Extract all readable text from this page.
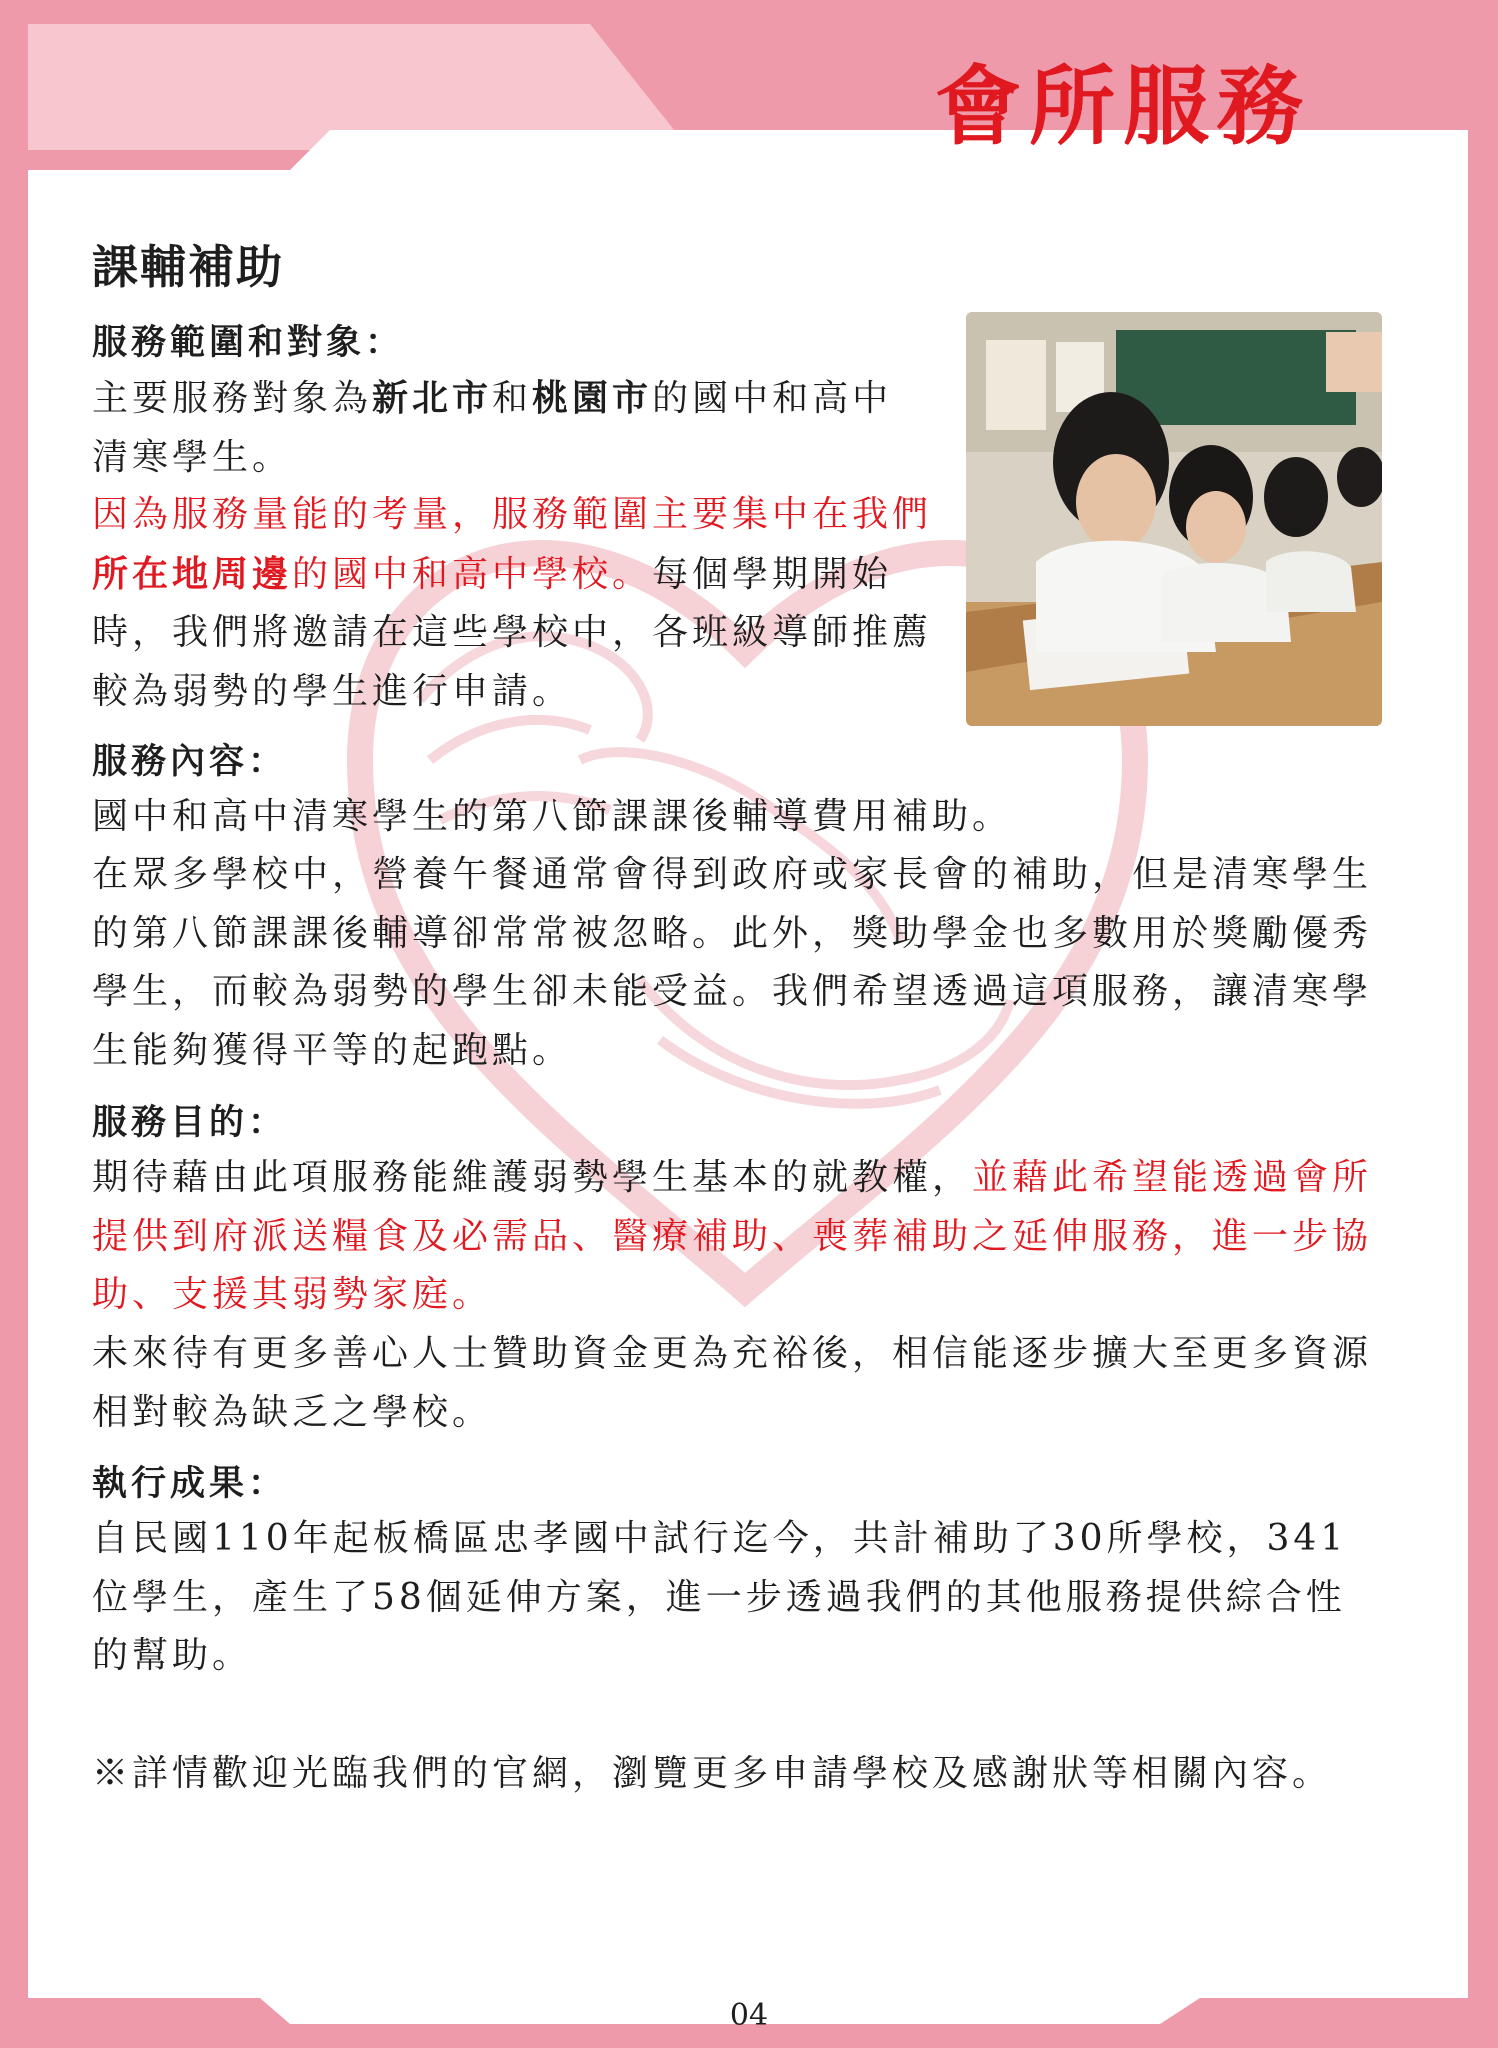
會所服務
課輔補助
服務範圍和對象：

主要服務對象為新北市和桃園市的國中和高中清寒學生。

因為服務量能的考量，服務範圍主要集中在我們所在地周邊的國中和高中學校。每個學期開始時，我們將邀請在這些學校中，各班級導師推薦較為弱勢的學生進行申請。

服務內容：

國中和高中清寒學生的第八節課課後輔導費用補助。

在眾多學校中，營養午餐通常會得到政府或家長會的補助，但是清寒學生的第八節課課後輔導卻常常被忽略。此外，獎助學金也多數用於獎勵優秀學生，而較為弱勢的學生卻未能受益。我們希望透過這項服務，讓清寒學生能夠獲得平等的起跑點。

服務目的：

期待藉由此項服務能維護弱勢學生基本的就教權，並藉此希望能透過會所提供到府派送糧食及必需品、醫療補助、喪葬補助之延伸服務，進一步協助、支援其弱勢家庭。

未來待有更多善心人士贊助資金更為充裕後，相信能逐步擴大至更多資源相對較為缺乏之學校。

執行成果：

自民國110年起板橋區忠孝國中試行迄今，共計補助了30所學校，341位學生，產生了58個延伸方案，進一步透過我們的其他服務提供綜合性的幫助。

※詳情歡迎光臨我們的官網，瀏覽更多申請學校及感謝狀等相關內容。

04
